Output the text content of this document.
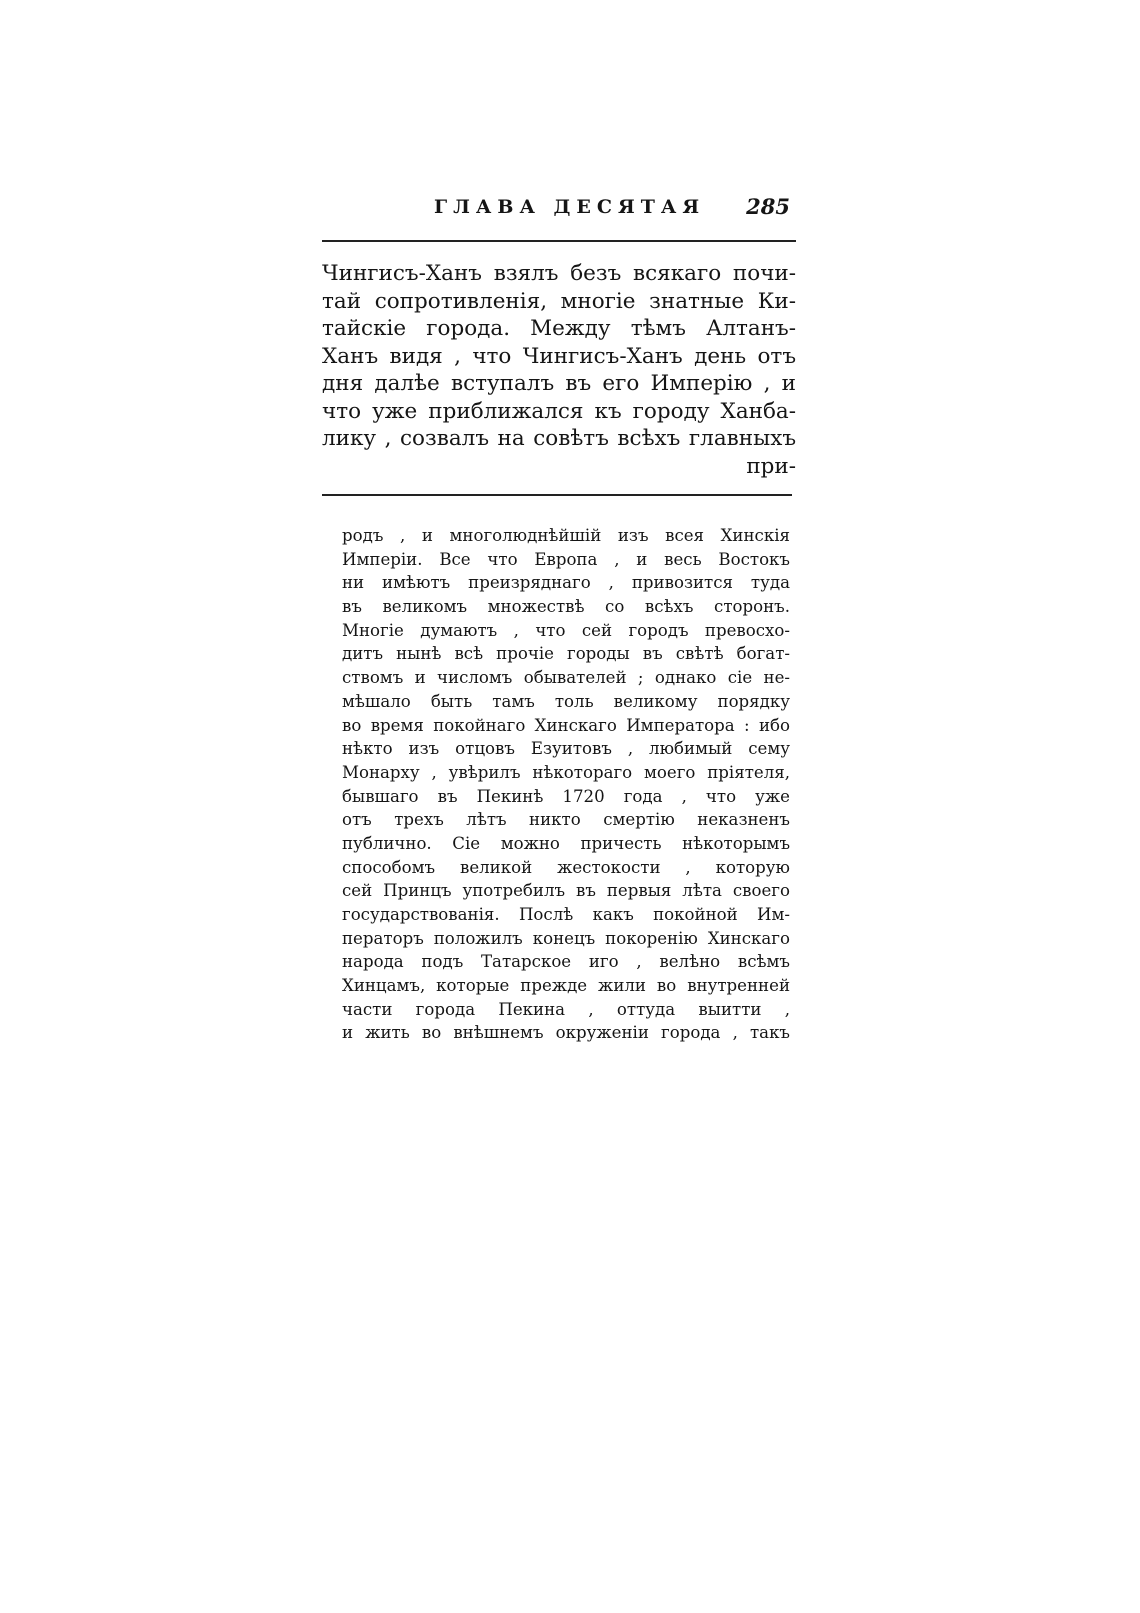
ГЛАВА ДЕСЯТАЯ 285
Чингисъ-Ханъ взялъ безъ всякаго почи-
тай сопротивленія, многіе знатные Ки-
тайскіе города. Между тѣмъ Алтанъ-
Ханъ видя , что Чингисъ-Ханъ день отъ
дня далѣе вступалъ въ его Имперію , и
что уже приближался къ городу Ханба-
лику , созвалъ на совѣтъ всѣхъ главныхъ
при-
родъ , и многолюднѣйшій изъ всея Хинскія
Имперіи. Все что Европа , и весь Востокъ
ни имѣютъ преизряднаго , привозится туда
въ великомъ множествѣ со всѣхъ сторонъ.
Многіе думаютъ , что сей городъ превосхо-
дитъ нынѣ всѣ прочіе городы въ свѣтѣ богат-
ствомъ и числомъ обывателей ; однако сіе не-
мѣшало быть тамъ толь великому порядку
во время покойнаго Хинскаго Императора : ибо
нѣкто изъ отцовъ Езуитовъ , любимый сему
Монарху , увѣрилъ нѣкотораго моего пріятеля,
бывшаго въ Пекинѣ 1720 года , что уже
отъ трехъ лѣтъ никто смертію неказненъ
публично. Сіе можно причесть нѣкоторымъ
способомъ великой жестокости , которую
сей Принцъ употребилъ въ первыя лѣта своего
государствованія. Послѣ какъ покойной Им-
ператоръ положилъ конецъ покоренію Хинскаго
народа подъ Татарское иго , велѣно всѣмъ
Хинцамъ, которые прежде жили во внутренней
части города Пекина , оттуда выитти ,
и жить во внѣшнемъ окруженіи города , такъ
